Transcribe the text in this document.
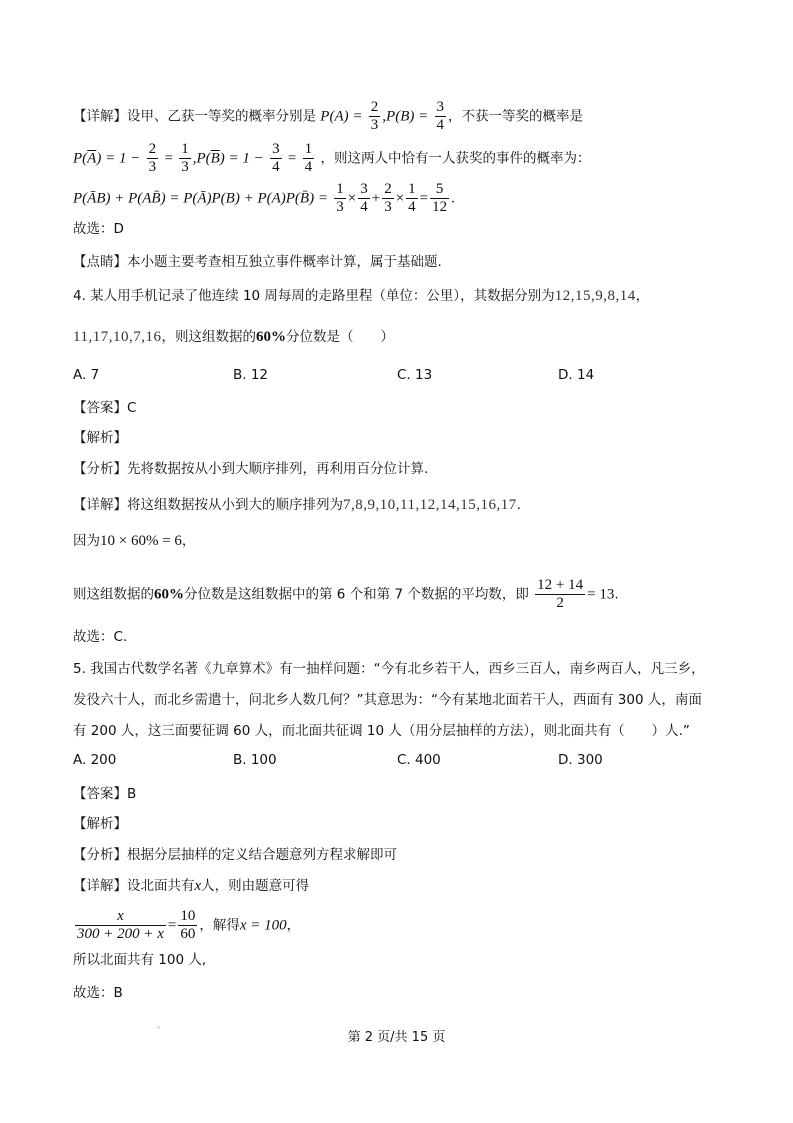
【详解】设甲、乙获一等奖的概率分别是 $P(A) = \frac{2}{3} ,P(B) = \frac{3}{4}$ ，不获一等奖的概率是
$P(\overline{A}) = 1 - \frac{2}{3} = \frac{1}{3} ,P(\overline{B}) = 1 - \frac{3}{4} = \frac{1}{4}$ ，则这两人中恰有一人获奖的事件的概率为：
P(ĀB) + P(AB̄) = P(Ā)P(B) + P(A)P(B̄) = $\frac{1}{3} \times \frac{3}{4} + \frac{2}{3} \times \frac{1}{4} = \frac{5}{12}$ .
故选：D
【点睛】本小题主要考查相互独立事件概率计算，属于基础题.
4. 某人用手机记录了他连续 10 周每周的走路里程（单位：公里），其数据分别为12,15,9,8,14，
11,17,10,7,16，则这组数据的60%分位数是（　　）
A. 7	B. 12	C. 13	D. 14
【答案】C
【解析】
【分析】先将数据按从小到大顺序排列，再利用百分位计算.
【详解】将这组数据按从小到大的顺序排列为7,8,9,10,11,12,14,15,16,17.
因为10 × 60% = 6，
则这组数据的60%分位数是这组数据中的第 6 个和第 7 个数据的平均数，即 $\frac{12 + 14}{2} = 13$.
故选：C.
5. 我国古代数学名著《九章算术》有一抽样问题：“今有北乡若干人，西乡三百人，南乡两百人，凡三乡，
发役六十人，而北乡需遣十，问北乡人数几何？”其意思为：“今有某地北面若干人，西面有 300 人，南面
有 200 人，这三面要征调 60 人，而北面共征调 10 人（用分层抽样的方法），则北面共有（　　）人.”
A. 200	B. 100	C. 400	D. 300
【答案】B
【解析】
【分析】根据分层抽样的定义结合题意列方程求解即可
【详解】设北面共有x人，则由题意可得
$\frac{x}{300 + 200 + x} = \frac{10}{60}$ ，解得x = 100，
所以北面共有 100 人,
故选：B
第 2 页/共 15 页
